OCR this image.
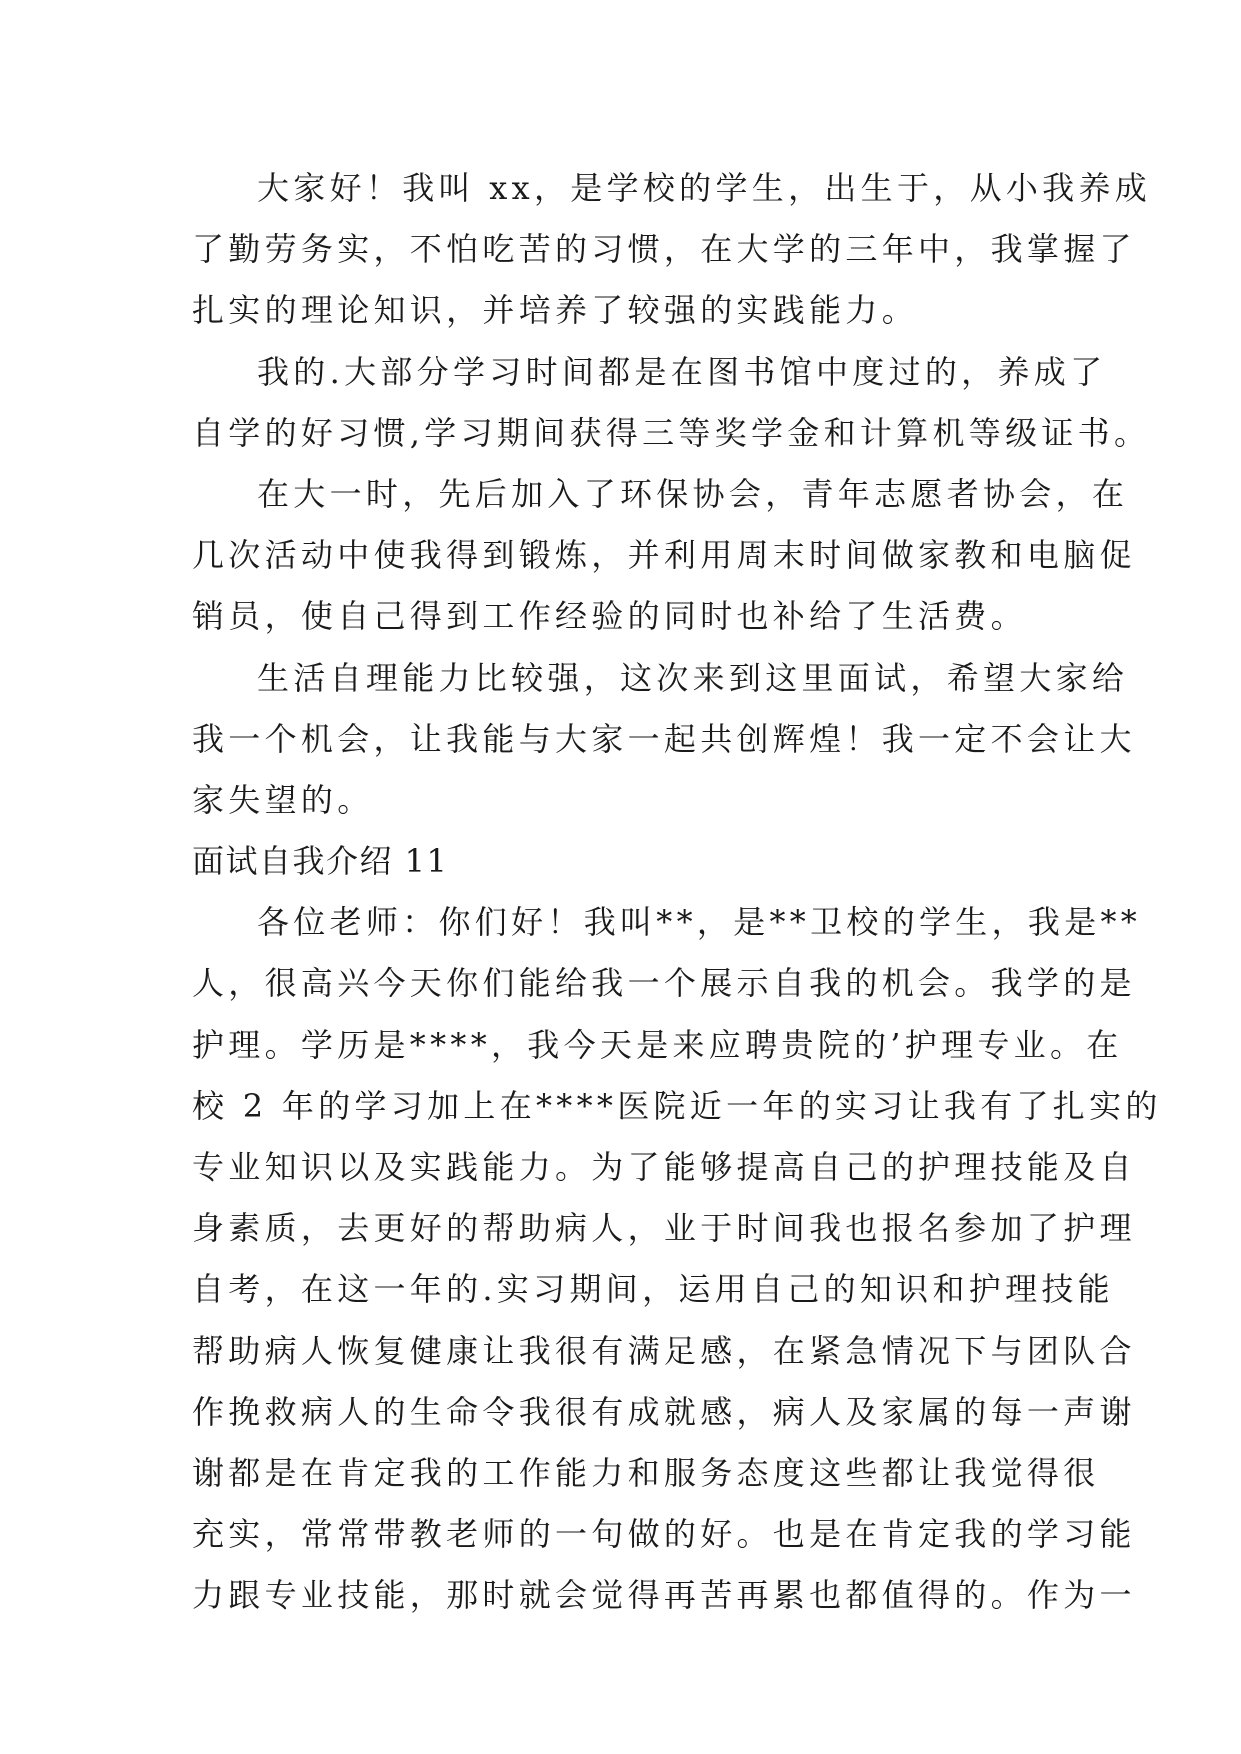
大家好！我叫 xx，是学校的学生，出生于，从小我养成
了勤劳务实，不怕吃苦的习惯，在大学的三年中，我掌握了
扎实的理论知识，并培养了较强的实践能力。
我的.大部分学习时间都是在图书馆中度过的，养成了
自学的好习惯,学习期间获得三等奖学金和计算机等级证书。
在大一时，先后加入了环保协会，青年志愿者协会，在
几次活动中使我得到锻炼，并利用周末时间做家教和电脑促
销员，使自己得到工作经验的同时也补给了生活费。
生活自理能力比较强，这次来到这里面试，希望大家给
我一个机会，让我能与大家一起共创辉煌！我一定不会让大
家失望的。
面试自我介绍 11
各位老师：你们好！我叫**，是**卫校的学生，我是**
人，很高兴今天你们能给我一个展示自我的机会。我学的是
护理。学历是****，我今天是来应聘贵院的’护理专业。在
校 2 年的学习加上在****医院近一年的实习让我有了扎实的
专业知识以及实践能力。为了能够提高自己的护理技能及自
身素质，去更好的帮助病人，业于时间我也报名参加了护理
自考，在这一年的.实习期间，运用自己的知识和护理技能
帮助病人恢复健康让我很有满足感，在紧急情况下与团队合
作挽救病人的生命令我很有成就感，病人及家属的每一声谢
谢都是在肯定我的工作能力和服务态度这些都让我觉得很
充实，常常带教老师的一句做的好。也是在肯定我的学习能
力跟专业技能，那时就会觉得再苦再累也都值得的。作为一
